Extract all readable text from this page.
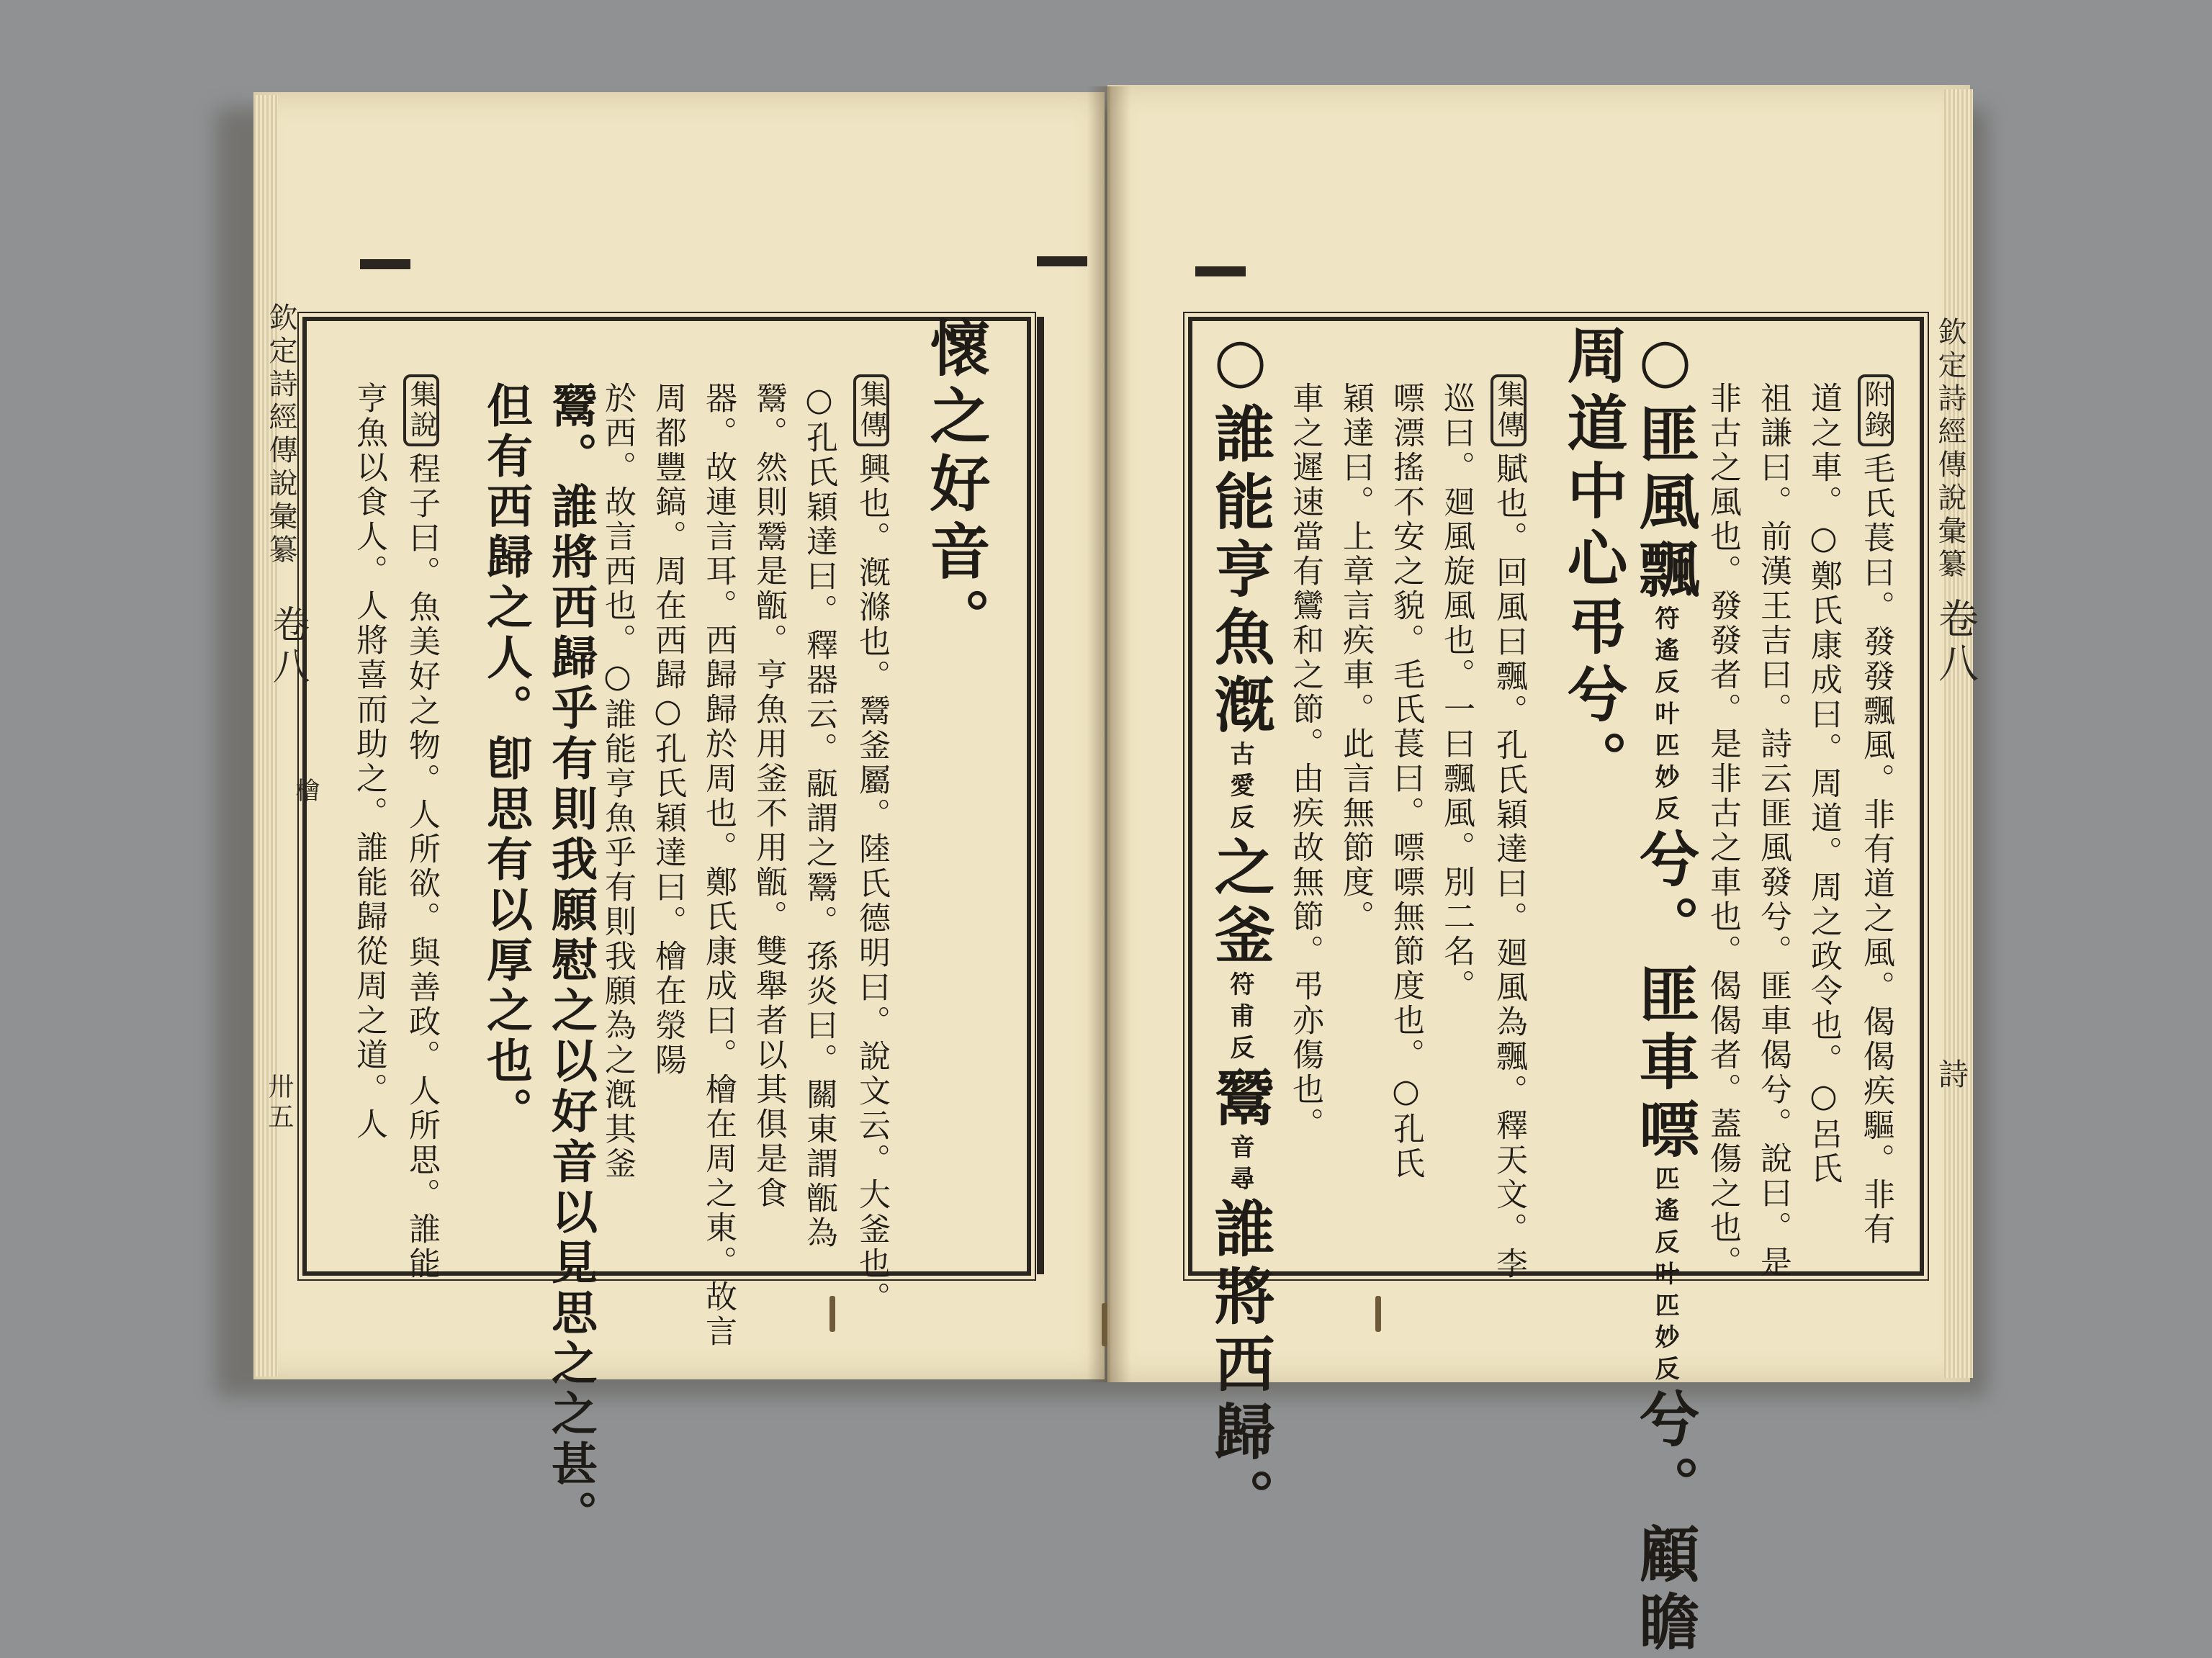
欽定詩經傳說彙纂
卷八
檜
卅五
懷之好音。
集傳興也。漑滌也。鬵釜屬。陸氏德明曰。說文云。大釜也。
○孔氏穎達曰。釋器云。䰛謂之鬵。孫炎曰。關東謂甑為
鬵。然則鬵是甑。亨魚用釜不用甑。雙舉者以其俱是食
器。故連言耳。西歸歸於周也。鄭氏康成曰。檜在周之東。故言
周都豐鎬。周在西歸○孔氏穎達曰。檜在滎陽
於西。故言西也。○誰能亨魚乎有則我願為之漑其釜
鬵。誰將西歸乎有則我願慰之以好音以見思之之甚。
但有西歸之人。卽思有以厚之也。
集說程子曰。魚美好之物。人所欲。與善政。人所思。誰能
亨魚以食人。人將喜而助之。誰能歸從周之道。人	欽定詩經傳說彙纂
卷八
詩
附錄毛氏萇曰。發發飄風。非有道之風。偈偈疾驅。非有
道之車。○鄭氏康成曰。周道。周之政令也。○呂氏
祖謙曰。前漢王吉曰。詩云匪風發兮。匪車偈兮。說曰。是
非古之風也。發發者。是非古之車也。偈偈者。蓋傷之也。
○匪風飄符遙反叶匹妙反兮。匪車嘌匹遙反叶匹妙反兮。顧瞻
周道中心弔兮。
集傳賦也。回風曰飄。孔氏穎達曰。廻風為飄。釋天文。李
巡曰。廻風旋風也。一曰飄風。別二名。
嘌漂搖不安之貌。毛氏萇曰。嘌嘌無節度也。○孔氏
穎達曰。上章言疾車。此言無節度。
車之遲速當有鸞和之節。由疾故無節。弔亦傷也。
○誰能亨魚漑古愛反之釜符甫反鬵音尋誰將西歸。
